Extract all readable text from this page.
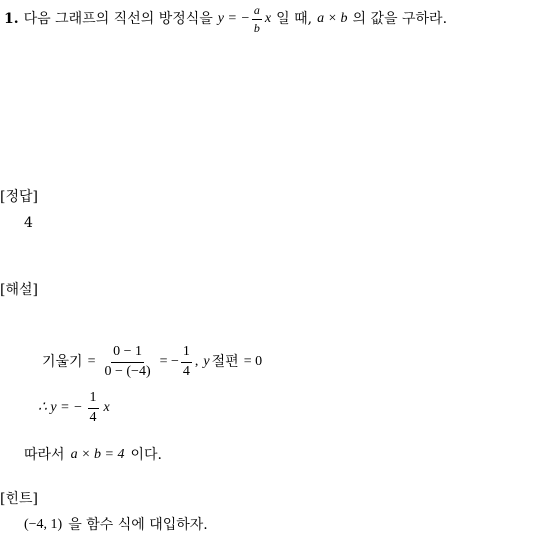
1. 다음 그래프의 직선의 방정식을 y = − $\frac{a}{b}$ x 일 때, a × b 의 값을 구하라.
[정답]
4
[해설]
기울기 = $\frac{0 - 1}{0 - (-4)}$ = − $\frac{1}{4}$ , y 절편 = 0
∴ y = − $\frac{1}{4}$ x
따라서 a × b = 4 이다.
[힌트]
(−4, 1) 을 함수 식에 대입하자.
